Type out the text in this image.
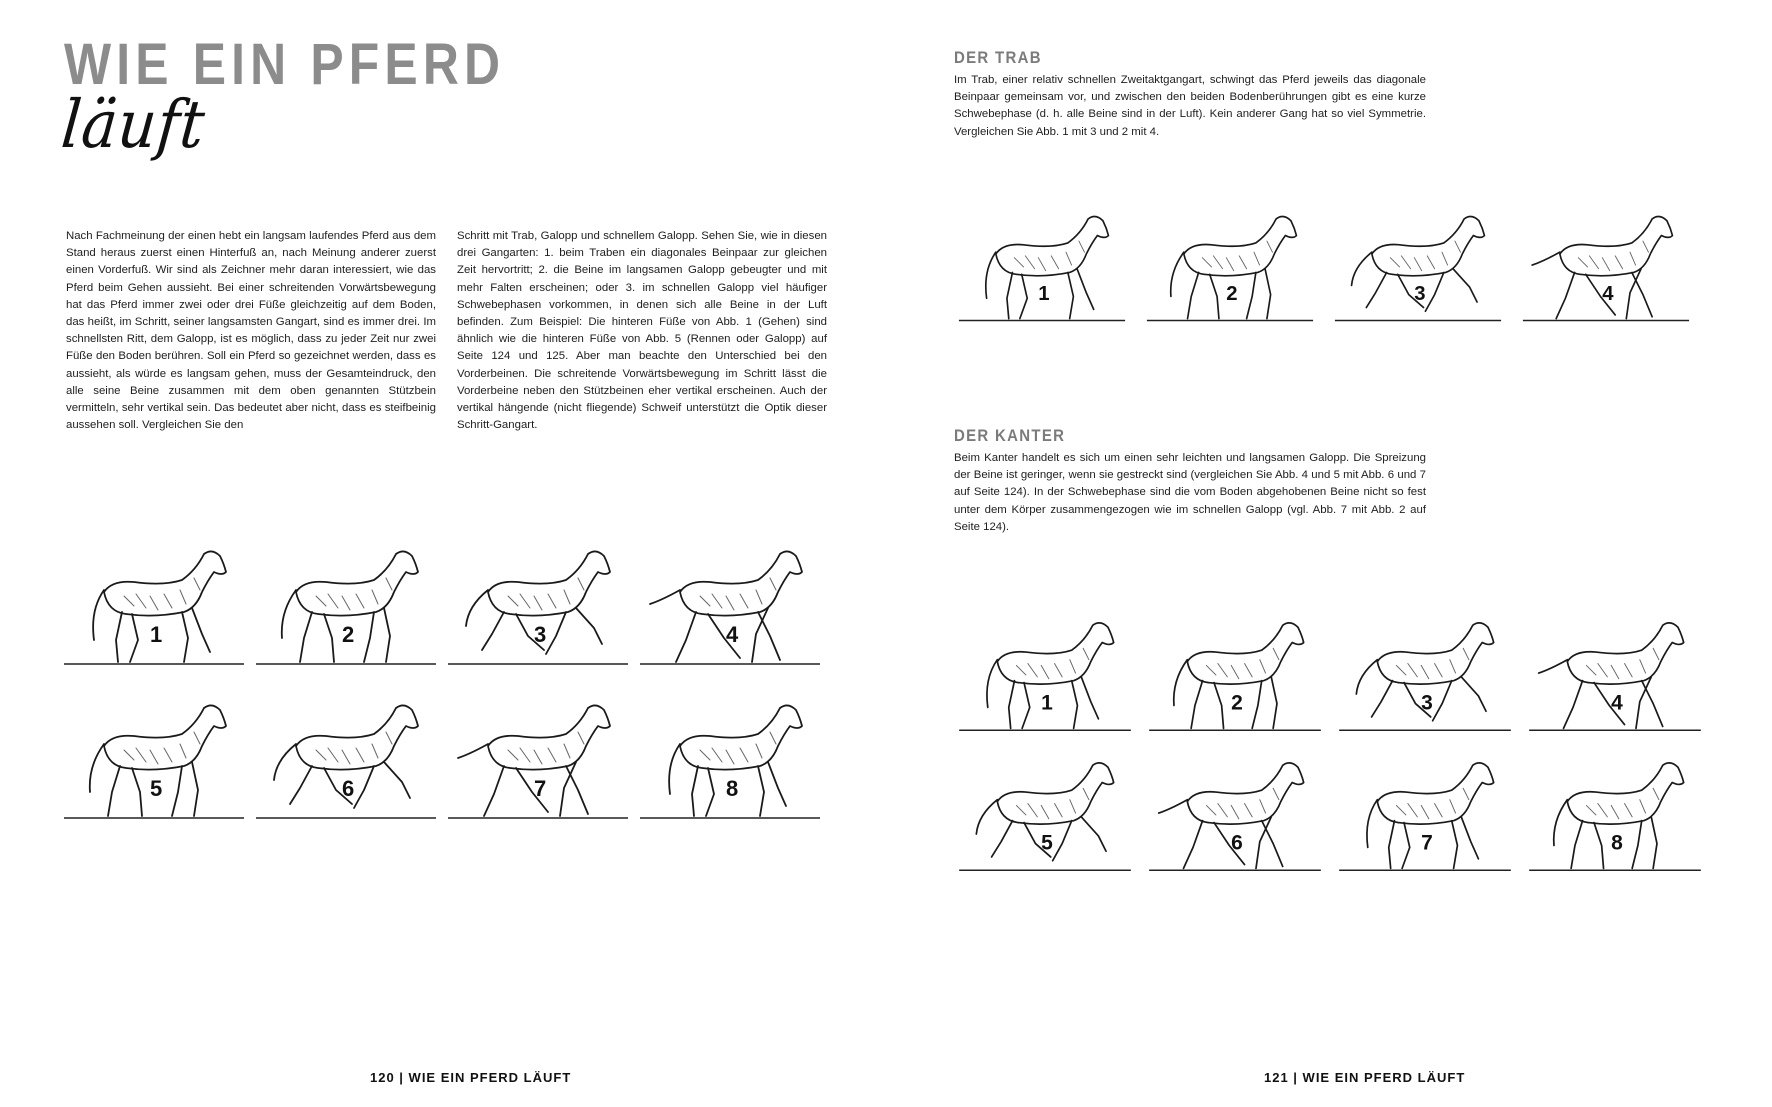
WIE EIN PFERD
läuft

Nach Fachmeinung der einen hebt ein langsam laufendes Pferd aus dem Stand heraus zuerst einen Hinterfuß an, nach Meinung anderer zuerst einen Vorderfuß. Wir sind als Zeichner mehr daran interessiert, wie das Pferd beim Gehen aussieht. Bei einer schreitenden Vorwärtsbewegung hat das Pferd immer zwei oder drei Füße gleichzeitig auf dem Boden, das heißt, im Schritt, seiner langsamsten Gangart, sind es immer drei. Im schnellsten Ritt, dem Galopp, ist es möglich, dass zu jeder Zeit nur zwei Füße den Boden berühren. Soll ein Pferd so gezeichnet werden, dass es aussieht, als würde es langsam gehen, muss der Gesamteindruck, den alle seine Beine zusammen mit dem oben genannten Stützbein vermitteln, sehr vertikal sein. Das bedeutet aber nicht, dass es steifbeinig aussehen soll. Vergleichen Sie den

Schritt mit Trab, Galopp und schnellem Galopp. Sehen Sie, wie in diesen drei Gangarten: 1. beim Traben ein diagonales Beinpaar zur gleichen Zeit hervortritt; 2. die Beine im langsamen Galopp gebeugter und mit mehr Falten erscheinen; oder 3. im schnellen Galopp viel häufiger Schwebephasen vorkommen, in denen sich alle Beine in der Luft befinden. Zum Beispiel: Die hinteren Füße von Abb. 1 (Gehen) sind ähnlich wie die hinteren Füße von Abb. 5 (Rennen oder Galopp) auf Seite 124 und 125. Aber man beachte den Unterschied bei den Vorderbeinen. Die schreitende Vorwärtsbewegung im Schritt lässt die Vorderbeine neben den Stützbeinen eher vertikal erscheinen. Auch der vertikal hängende (nicht fliegende) Schweif unterstützt die Optik dieser Schritt-Gangart.

1	2	3	4
5	6	7	8

120 | WIE EIN PFERD LÄUFT

DER TRAB

Im Trab, einer relativ schnellen Zweitaktgangart, schwingt das Pferd jeweils das diagonale Beinpaar gemeinsam vor, und zwischen den beiden Bodenberührungen gibt es eine kurze Schwebephase (d. h. alle Beine sind in der Luft). Kein anderer Gang hat so viel Symmetrie. Vergleichen Sie Abb. 1 mit 3 und 2 mit 4.

1	2	3	4
DER KANTER

Beim Kanter handelt es sich um einen sehr leichten und langsamen Galopp. Die Spreizung der Beine ist geringer, wenn sie gestreckt sind (vergleichen Sie Abb. 4 und 5 mit Abb. 6 und 7 auf Seite 124). In der Schwebephase sind die vom Boden abgehobenen Beine nicht so fest unter dem Körper zusammengezogen wie im schnellen Galopp (vgl. Abb. 7 mit Abb. 2 auf Seite 124).

1	2	3	4
5	6	7	8

121 | WIE EIN PFERD LÄUFT
